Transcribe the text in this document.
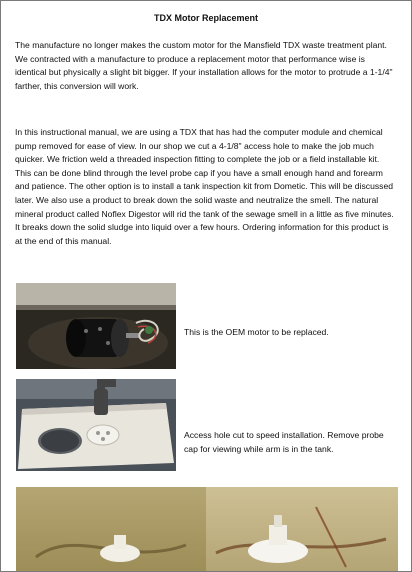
TDX Motor Replacement
The manufacture no longer makes the custom motor for the Mansfield TDX waste treatment plant. We contracted with a manufacture to produce a replacement motor that performance wise is identical but physically a slight bit bigger. If your installation allows for the motor to protrude a 1-1/4" farther, this conversion will work.
In this instructional manual, we are using a TDX that has had the computer module and chemical pump removed for ease of view. In our shop we cut a 4-1/8" access hole to make the job much quicker. We friction weld a threaded inspection fitting to complete the job or a field installable kit. This can be done blind through the level probe cap if you have a small enough hand and forearm and patience. The other option is to install a tank inspection kit from Dometic. This will be discussed later. We also use a product to break down the solid waste and neutralize the smell. The natural mineral product called Noflex Digestor will rid the tank of the sewage smell in a little as five minutes. It breaks down the solid sludge into liquid over a few hours. Ordering information for this product is at the end of this manual.
This is the OEM motor to be replaced.
Access hole cut to speed installation. Remove probe cap for viewing while arm is in the tank.
